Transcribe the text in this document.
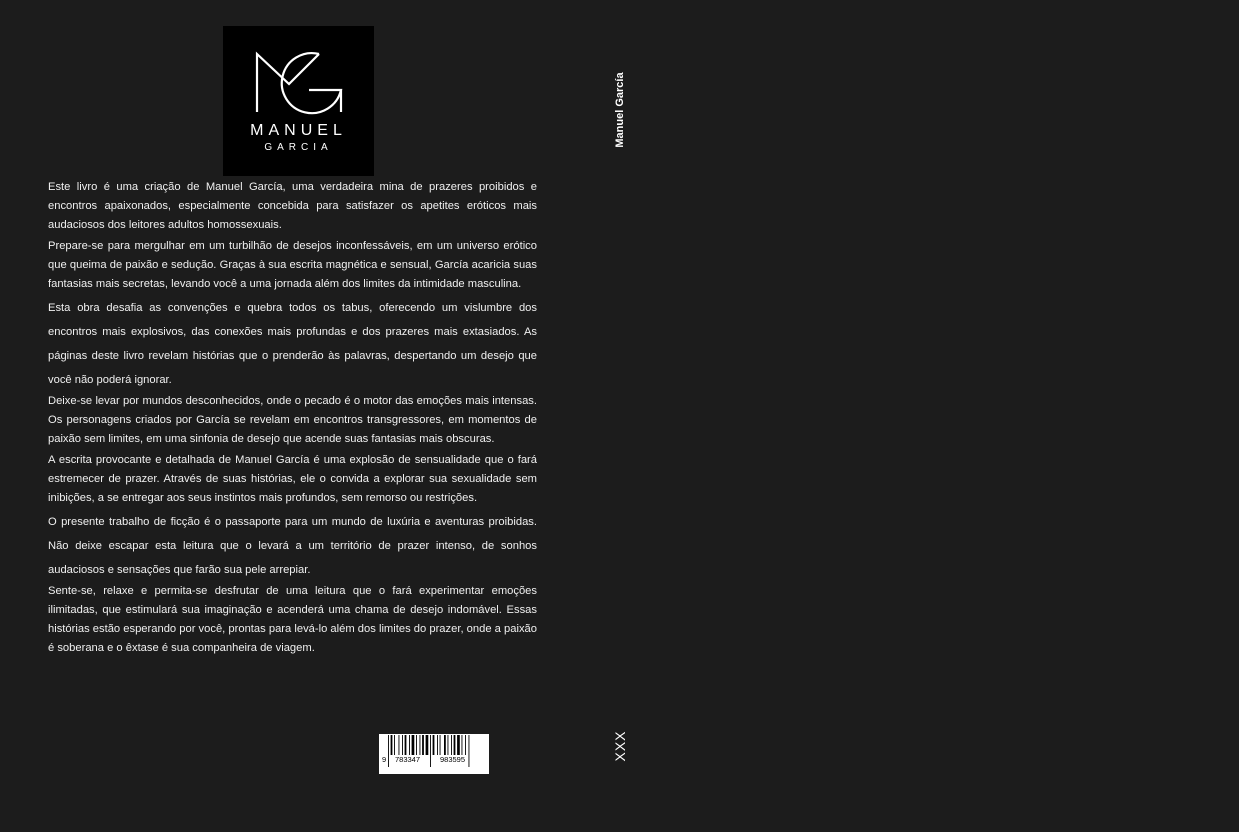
MANUEL
GARCIA

Este livro é uma criação de Manuel García, uma verdadeira mina de prazeres proibidos e encontros apaixonados, especialmente concebida para satisfazer os apetites eróticos mais audaciosos dos leitores adultos homossexuais.

Prepare-se para mergulhar em um turbilhão de desejos inconfessáveis, em um universo erótico que queima de paixão e sedução. Graças à sua escrita magnética e sensual, García acaricia suas fantasias mais secretas, levando você a uma jornada além dos limites da intimidade masculina.

Esta obra desafia as convenções e quebra todos os tabus, oferecendo um vislumbre dos encontros mais explosivos, das conexões mais profundas e dos prazeres mais extasiados. As páginas deste livro revelam histórias que o prenderão às palavras, despertando um desejo que você não poderá ignorar.

Deixe-se levar por mundos desconhecidos, onde o pecado é o motor das emoções mais intensas. Os personagens criados por García se revelam em encontros transgressores, em momentos de paixão sem limites, em uma sinfonia de desejo que acende suas fantasias mais obscuras.

A escrita provocante e detalhada de Manuel García é uma explosão de sensualidade que o fará estremecer de prazer. Através de suas histórias, ele o convida a explorar sua sexualidade sem inibições, a se entregar aos seus instintos mais profundos, sem remorso ou restrições.

O presente trabalho de ficção é o passaporte para um mundo de luxúria e aventuras proibidas. Não deixe escapar esta leitura que o levará a um território de prazer intenso, de sonhos audaciosos e sensações que farão sua pele arrepiar.

Sente-se, relaxe e permita-se desfrutar de uma leitura que o fará experimentar emoções ilimitadas, que estimulará sua imaginação e acenderá uma chama de desejo indomável. Essas histórias estão esperando por você, prontas para levá-lo além dos limites do prazer, onde a paixão é soberana e o êxtase é sua companheira de viagem.

9 783347	983595
Manuel García
XXX
